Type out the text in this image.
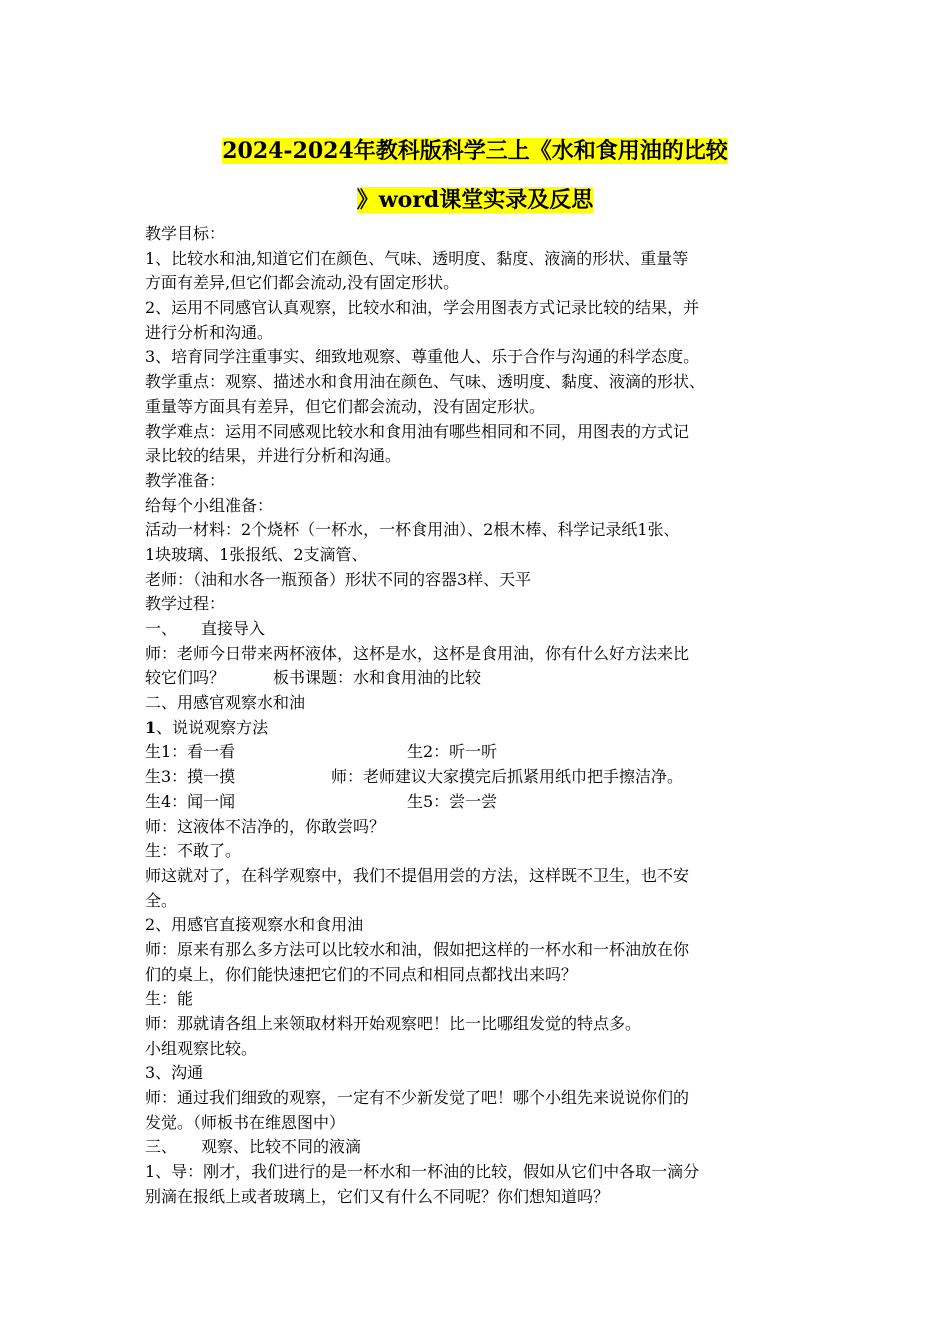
2024-2024年教科版科学三上《水和食用油的比较
》word课堂实录及反思
教学目标：
1、比较水和油,知道它们在颜色、气味、透明度、黏度、液滴的形状、重量等
方面有差异,但它们都会流动,没有固定形状。
2、运用不同感官认真观察，比较水和油，学会用图表方式记录比较的结果，并
进行分析和沟通。
3、培育同学注重事实、细致地观察、尊重他人、乐于合作与沟通的科学态度。
教学重点：观察、描述水和食用油在颜色、气味、透明度、黏度、液滴的形状、
重量等方面具有差异，但它们都会流动，没有固定形状。
教学难点：运用不同感观比较水和食用油有哪些相同和不同，用图表的方式记
录比较的结果，并进行分析和沟通。
教学准备：
给每个小组准备：
活动一材料：2个烧杯（一杯水，一杯食用油）、2根木棒、科学记录纸1张、
1块玻璃、1张报纸、2支滴管、
老师：（油和水各一瓶预备）形状不同的容器3样、天平
教学过程：
一、　　直接导入
师：老师今日带来两杯液体，这杯是水，这杯是食用油，你有什么好方法来比
较它们吗？　　　板书课题：水和食用油的比较
二、用感官观察水和油
1、说说观察方法
生1：看一看	生2：听一听
生3：摸一摸	师：老师建议大家摸完后抓紧用纸巾把手擦洁净。
生4：闻一闻	生5：尝一尝
师：这液体不洁净的，你敢尝吗？
生：不敢了。
师这就对了，在科学观察中，我们不提倡用尝的方法，这样既不卫生，也不安
全。
2、用感官直接观察水和食用油
师：原来有那么多方法可以比较水和油，假如把这样的一杯水和一杯油放在你
们的桌上，你们能快速把它们的不同点和相同点都找出来吗？
生：能
师：那就请各组上来领取材料开始观察吧！比一比哪组发觉的特点多。
小组观察比较。
3、沟通
师：通过我们细致的观察，一定有不少新发觉了吧！哪个小组先来说说你们的
发觉。（师板书在维恩图中）
三、　　观察、比较不同的液滴
1、导：刚才，我们进行的是一杯水和一杯油的比较，假如从它们中各取一滴分
别滴在报纸上或者玻璃上，它们又有什么不同呢？你们想知道吗？
